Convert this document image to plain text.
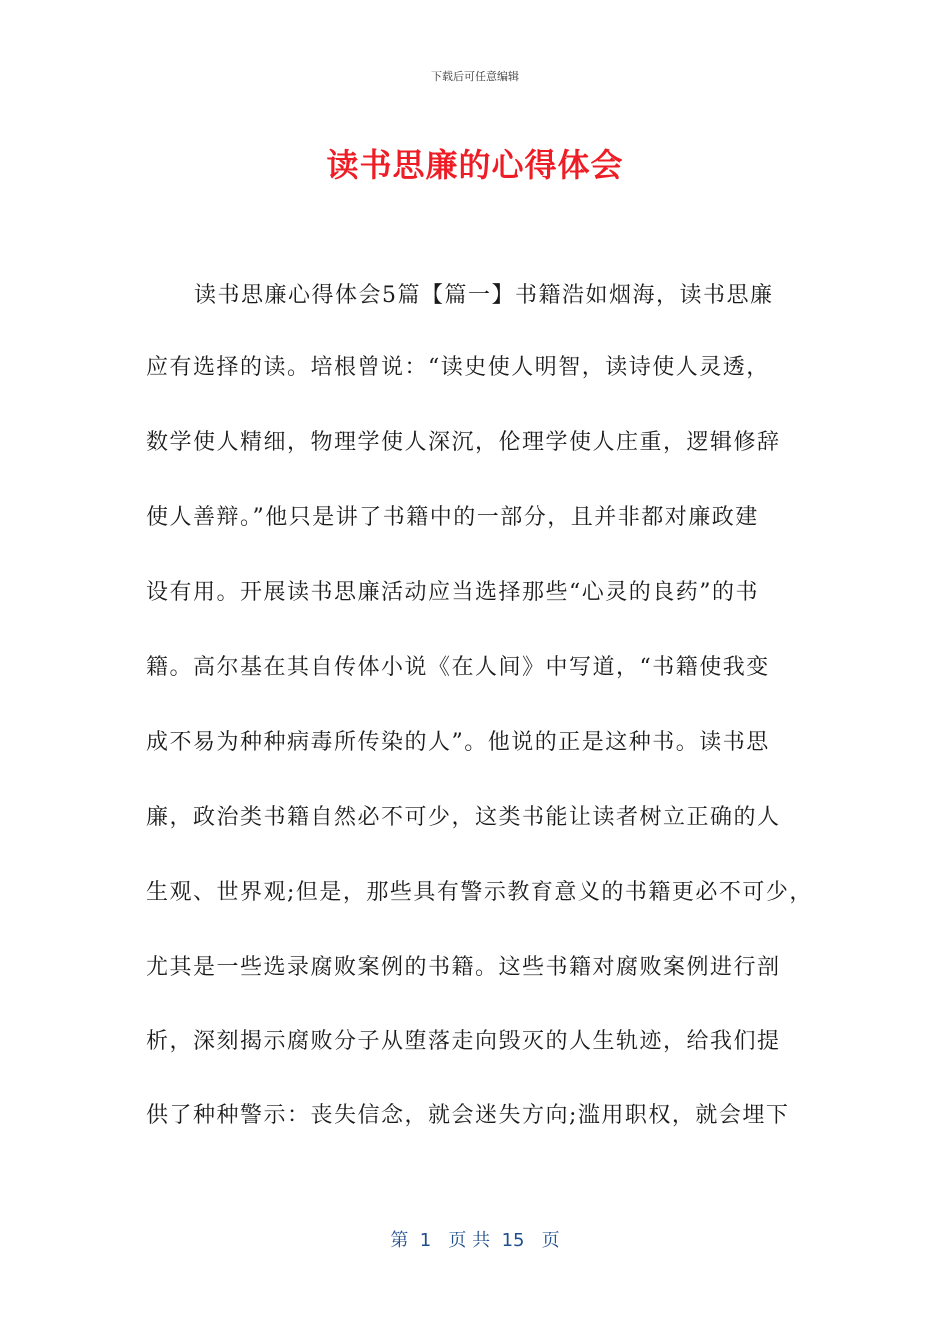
下载后可任意编辑
读书思廉的心得体会
读书思廉心得体会5篇【篇一】书籍浩如烟海，读书思廉
应有选择的读。培根曾说：“读史使人明智，读诗使人灵透，
数学使人精细，物理学使人深沉，伦理学使人庄重，逻辑修辞
使人善辩。”他只是讲了书籍中的一部分，且并非都对廉政建
设有用。开展读书思廉活动应当选择那些“心灵的良药”的书
籍。高尔基在其自传体小说《在人间》中写道，“书籍使我变
成不易为种种病毒所传染的人”。他说的正是这种书。读书思
廉，政治类书籍自然必不可少，这类书能让读者树立正确的人
生观、世界观;但是，那些具有警示教育意义的书籍更必不可少，
尤其是一些选录腐败案例的书籍。这些书籍对腐败案例进行剖
析，深刻揭示腐败分子从堕落走向毁灭的人生轨迹，给我们提
供了种种警示：丧失信念，就会迷失方向;滥用职权，就会埋下
第  1   页 共  15   页
